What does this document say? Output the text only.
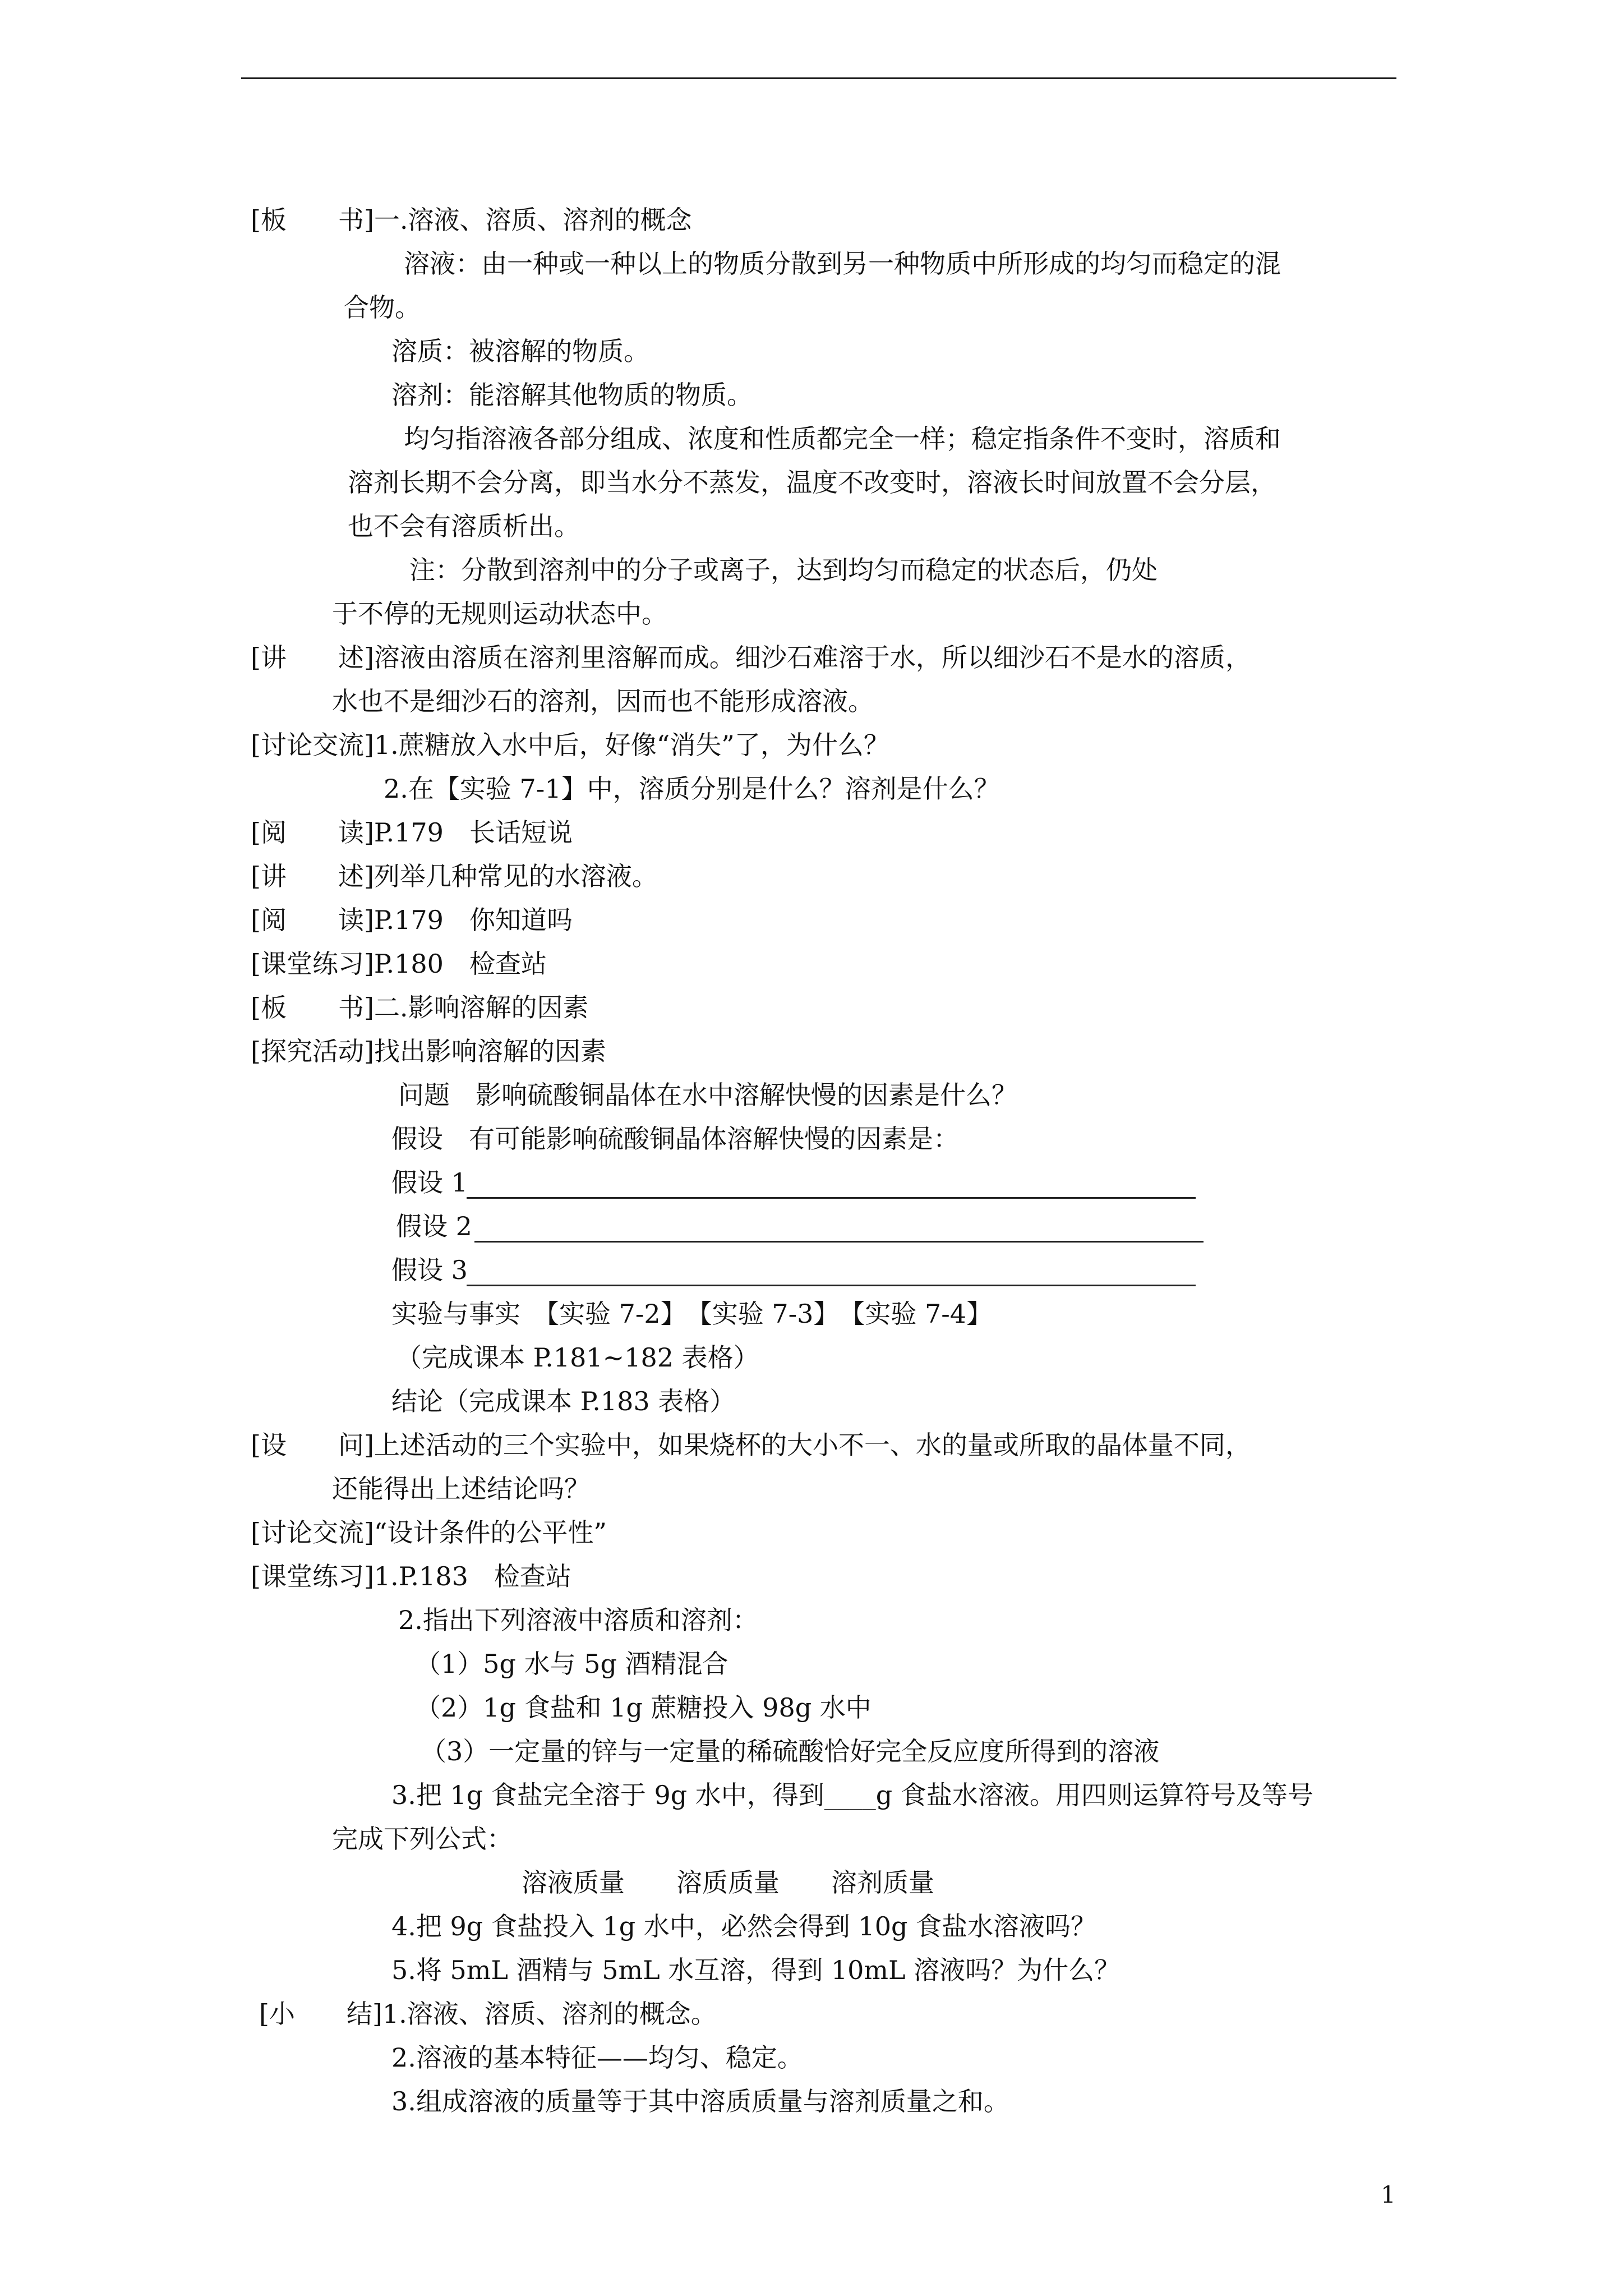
[板　　书]一.溶液、溶质、溶剂的概念
溶液：由一种或一种以上的物质分散到另一种物质中所形成的均匀而稳定的混
合物。
溶质：被溶解的物质。
溶剂：能溶解其他物质的物质。
均匀指溶液各部分组成、浓度和性质都完全一样；稳定指条件不变时，溶质和
溶剂长期不会分离，即当水分不蒸发，温度不改变时，溶液长时间放置不会分层，
也不会有溶质析出。
注：分散到溶剂中的分子或离子，达到均匀而稳定的状态后，仍处
于不停的无规则运动状态中。
[讲　　述]溶液由溶质在溶剂里溶解而成。细沙石难溶于水，所以细沙石不是水的溶质，
水也不是细沙石的溶剂，因而也不能形成溶液。
[讨论交流]1.蔗糖放入水中后，好像“消失”了，为什么？
2.在【实验 7-1】中，溶质分别是什么？溶剂是什么？
[阅　　读]P.179　长话短说
[讲　　述]列举几种常见的水溶液。
[阅　　读]P.179　你知道吗
[课堂练习]P.180　检查站
[板　　书]二.影响溶解的因素
[探究活动]找出影响溶解的因素
问题　影响硫酸铜晶体在水中溶解快慢的因素是什么？
假设　有可能影响硫酸铜晶体溶解快慢的因素是：
假设 1
假设 2
假设 3
实验与事实　【实验 7-2】　【实验 7-3】　【实验 7-4】
（完成课本 P.181~182 表格）
结论（完成课本 P.183 表格）
[设　　问]上述活动的三个实验中，如果烧杯的大小不一、水的量或所取的晶体量不同，
还能得出上述结论吗？
[讨论交流]“设计条件的公平性”
[课堂练习]1.P.183　检查站
2.指出下列溶液中溶质和溶剂：
（1）5g 水与 5g 酒精混合
（2）1g 食盐和 1g 蔗糖投入 98g 水中
（3）一定量的锌与一定量的稀硫酸恰好完全反应度所得到的溶液
3.把 1g 食盐完全溶于 9g 水中，得到____g 食盐水溶液。用四则运算符号及等号
完成下列公式：
溶液质量　　溶质质量　　溶剂质量
4.把 9g 食盐投入 1g 水中，必然会得到 10g 食盐水溶液吗？
5.将 5mL 酒精与 5mL 水互溶，得到 10mL 溶液吗？为什么？
[小　　结]1.溶液、溶质、溶剂的概念。
2.溶液的基本特征——均匀、稳定。
3.组成溶液的质量等于其中溶质质量与溶剂质量之和。
1
